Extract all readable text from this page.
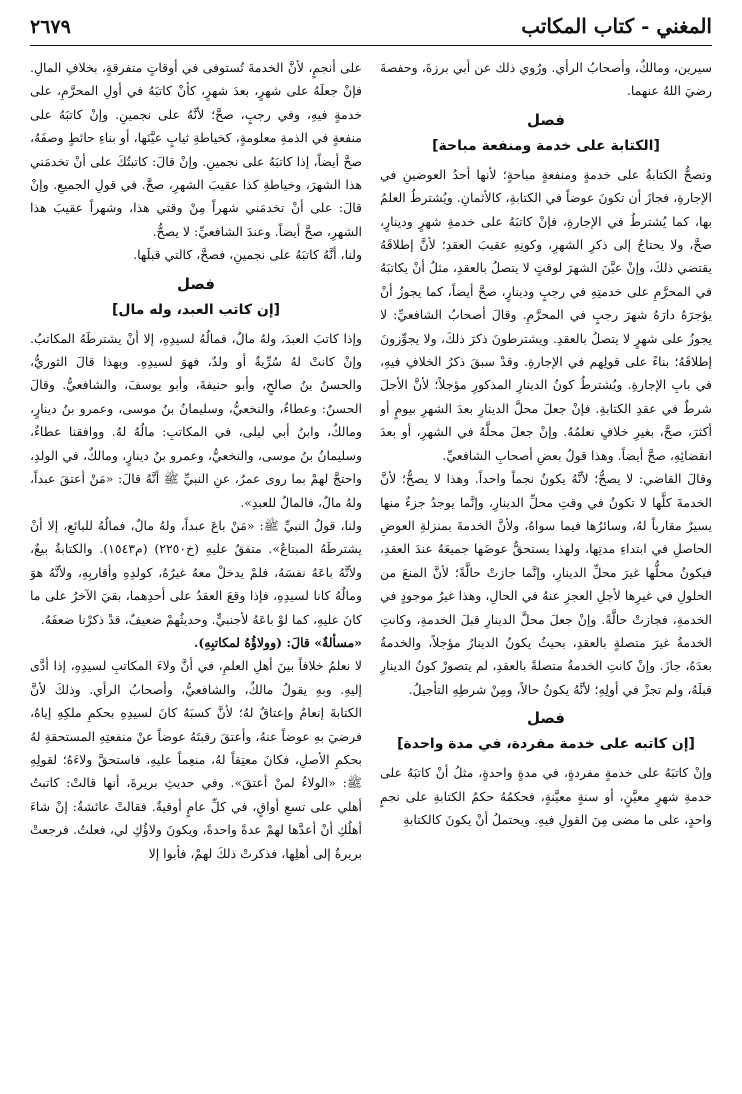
المغني - كتاب المكاتب
٢٦٧٩

سيرين، ومالكٌ، وأصحابُ الرأي. ورُوي ذلك عن أبي برزةَ، وحفصةَ رضيَ اللهُ عنهما.

فصل
[الكتابة على خدمة ومنفعة مباحة]

وتصحُّ الكتابةُ على خدمةٍ ومنفعةٍ مباحةٍ؛ لأنها أحدُ العوضينِ في الإجارةِ، فجازَ أن تكونَ عوضاً في الكتابةِ، كالأثمانِ. ويُشترطُ العلمُ بها، كما يُشترطُ في الإجارةِ، فإنْ كاتبَهُ على خدمةِ شهرٍ ودينارٍ، صحَّ، ولا يحتاجُ إلى ذكرِ الشهرِ، وكونِهِ عقيبَ العقدِ؛ لأنَّ إطلاقَهُ يقتضي ذلكَ، وإنْ عيَّنَ الشهرَ لوقتٍ لا يتصلُ بالعقدِ، مثلُ أنْ يكاتبَهُ في المحرَّمِ على خدمتِهِ في رجبٍ ودينارٍ، صحَّ أيضاً، كما يجوزُ أنْ يؤجرَهُ دارَهُ شهرَ رجبٍ في المحرَّمِ. وقالَ أصحابُ الشافعيِّ: لا يجوزُ على شهرٍ لا يتصلُ بالعقدِ. ويشترطونَ ذكرَ ذلكَ، ولا يجوِّزونَ إطلاقَهُ؛ بناءً على قولِهم في الإجارةِ. وقدْ سبقَ ذكرُ الخلافِ فيهِ، في بابِ الإجارةِ. ويُشترطُ كونُ الدينارِ المذكورِ مؤجلاً؛ لأنَّ الأجلَ شرطٌ في عقدِ الكتابةِ. فإنْ جعلَ محلَّ الدينارِ بعدَ الشهرِ بيومٍ أو أكثرَ، صحَّ، بغيرِ خلافٍ نعلمُهُ. وإنْ جعلَ محلَّهُ في الشهرِ، أو بعدَ انقضائِهِ، صحَّ أيضاً. وهذا قولُ بعضِ أصحابِ الشافعيِّ.

وقالَ القاضي: لا يصحُّ؛ لأنَّهُ يكونُ نجماً واحداً. وهذا لا يصحُّ؛ لأنَّ الخدمةَ كلَّها لا تكونُ في وقتِ محلِّ الدينارِ، وإنَّما يوجدُ جزءٌ منها يسيرٌ مقارباً لهُ، وسائرُها فيما سواهُ، ولأنَّ الخدمةَ بمنزلةِ العوضِ الحاصلِ في ابتداءِ مدتِها، ولهذا يستحقُّ عوضَها جميعَهُ عندَ العقدِ، فيكونُ محلُّها غيرَ محلِّ الدينارِ، وإنَّما جازتْ حالَّةً؛ لأنَّ المنعَ من الحلولِ في غيرِها لأجلِ العجزِ عنهُ في الحالِ، وهذا غيرُ موجودٍ في الخدمةِ، فجازتْ حالَّةً. وإنْ جعلَ محلَّ الدينارِ قبلَ الخدمةِ، وكانتِ الخدمةُ غيرَ متصلةٍ بالعقدِ، بحيثُ يكونُ الدينارُ مؤجلاً، والخدمةُ بعدَهُ، جازَ. وإنْ كانتِ الخدمةُ متصلةً بالعقدِ، لم يتصورْ كونُ الدينارِ قبلَهُ، ولم تجزْ في أولِهِ؛ لأنَّهُ يكونُ حالاً، ومِنْ شرطِهِ التأجيلُ.

فصل
[إن كاتبه على خدمة مفردة، في مدة واحدة]

وإنْ كاتبَهُ على خدمةٍ مفردةٍ، في مدةٍ واحدةٍ، مثلُ أنْ كاتبَهُ على خدمةِ شهرٍ معيَّنٍ، أو سنةٍ معيَّنةٍ، فحكمُهُ حكمُ الكتابةِ على نجمٍ واحدٍ، على ما مضى مِنَ القولِ فيهِ. ويحتملُ أنْ يكونَ كالكتابةِ

على أنجمٍ، لأنَّ الخدمةَ تُستوفى في أوقاتٍ متفرقةٍ، بخلافِ المالِ. فإنْ جعلَهُ على شهرٍ، بعدَ شهرٍ، كأنْ كاتبَهُ في أولِ المحرَّمِ، على خدمةٍ فيهِ، وفي رجبٍ، صحَّ؛ لأنَّهُ على نجمينِ. وإنْ كاتبَهُ على منفعةٍ في الذمةِ معلومةٍ، كخياطةِ ثيابٍ عيَّنَها، أو بناءِ حائطٍ وصفَهُ، صحَّ أيضاً، إذا كاتبَهُ على نجمينِ. وإنْ قالَ: كاتبتُكَ على أنْ تخدمَني هذا الشهرَ، وخياطةِ كذا عقيبَ الشهرِ، صحَّ. في قولِ الجميعِ. وإنْ قالَ: على أنْ تخدمَني شهراً مِنْ وقتي هذا، وشهراً عقيبَ هذا الشهرِ، صحَّ أيضاً. وعندَ الشافعيِّ: لا يصحُّ.

ولنا، أنَّهُ كاتبَهُ على نجمينِ، فصحَّ، كالتي قبلَها.

فصل
[إن كاتب العبد، وله مال]

وإذا كاتبَ العبدَ، ولهُ مالٌ، فمالُهُ لسيدِهِ، إلا أنْ يشترطَهُ المكاتبُ. وإنْ كانتْ لهُ سُرِّيةٌ أو ولدٌ، فهوَ لسيدِهِ. وبهذا قالَ الثوريُّ، والحسنُ بنُ صالحٍ، وأبو حنيفةَ، وأبو يوسفَ، والشافعيُّ. وقالَ الحسنُ: وعطاءٌ، والنخعيُّ، وسليمانُ بنُ موسى، وعمرو بنُ دينارٍ، ومالكٌ، وابنُ أبي ليلى، في المكاتبِ: مالُهُ لهُ. ووافقنا عطاءٌ، وسليمانُ بنُ موسى، والنخعيُّ، وعمرو بنُ دينارٍ، ومالكٌ، في الولدِ، واحتجَّ لهمْ بما روى عمرُ، عنِ النبيِّ ﷺ أنَّهُ قالَ: «مَنْ أعتقَ عبداً، ولهُ مالٌ، فالمالُ للعبدِ».

ولنا، قولُ النبيِّ ﷺ: «مَنْ باعَ عبداً، ولهُ مالٌ، فمالُهُ للبائعِ، إلا أنْ يشترطَهُ المبتاعُ». متفقٌ عليهِ (خ٢٢٥٠) (م١٥٤٣). والكتابةُ بيعٌ، ولأنَّهُ باعَهُ نفسَهُ، فلمْ يدخلْ معهُ غيرُهُ، كولدِهِ وأقاربِهِ، ولأنَّهُ هوَ ومالُهُ كانا لسيدِهِ، فإذا وقعَ العقدُ على أحدِهما، بقيَ الآخرُ على ما كانَ عليهِ، كما لوْ باعَهُ لأجنبيٍّ. وحديثُهمْ ضعيفٌ، قدْ ذكرْنا ضعفَهُ.

«مسألةٌ» قالَ: (وولاؤُهُ لمكاتبِهِ).

لا نعلمُ خلافاً بينَ أهلِ العلمِ، في أنَّ ولاءَ المكاتبِ لسيدِهِ، إذا أدَّى إليهِ. وبهِ يقولُ مالكٌ، والشافعيُّ، وأصحابُ الرأي. وذلكَ لأنَّ الكتابةَ إنعامٌ وإعتاقٌ لهُ؛ لأنَّ كسبَهُ كانَ لسيدِهِ بحكمِ ملكِهِ إياهُ، فرضيَ بهِ عوضاً عنهُ، وأعتقَ رقبتَهُ عوضاً عنْ منفعتِهِ المستحقةِ لهُ بحكمِ الأصلِ، فكانَ معتِقاً لهُ، منعِماً عليهِ، فاستحقَّ ولاءَهُ؛ لقولِهِ ﷺ: «الولاءُ لمنْ أعتقَ». وفي حديثِ بريرةَ، أنها قالتْ: كاتبتُ أهلي على تسعِ أواقٍ، في كلِّ عامٍ أوقيةٌ. فقالتْ عائشةُ: إنْ شاءَ أهلُكِ أنْ أعدَّها لهمْ عدةً واحدةً، ويكونَ ولاؤُكِ لي، فعلتُ. فرجعتْ بريرةُ إلى أهلِها، فذكرتْ ذلكَ لهمْ، فأبوا إلا
